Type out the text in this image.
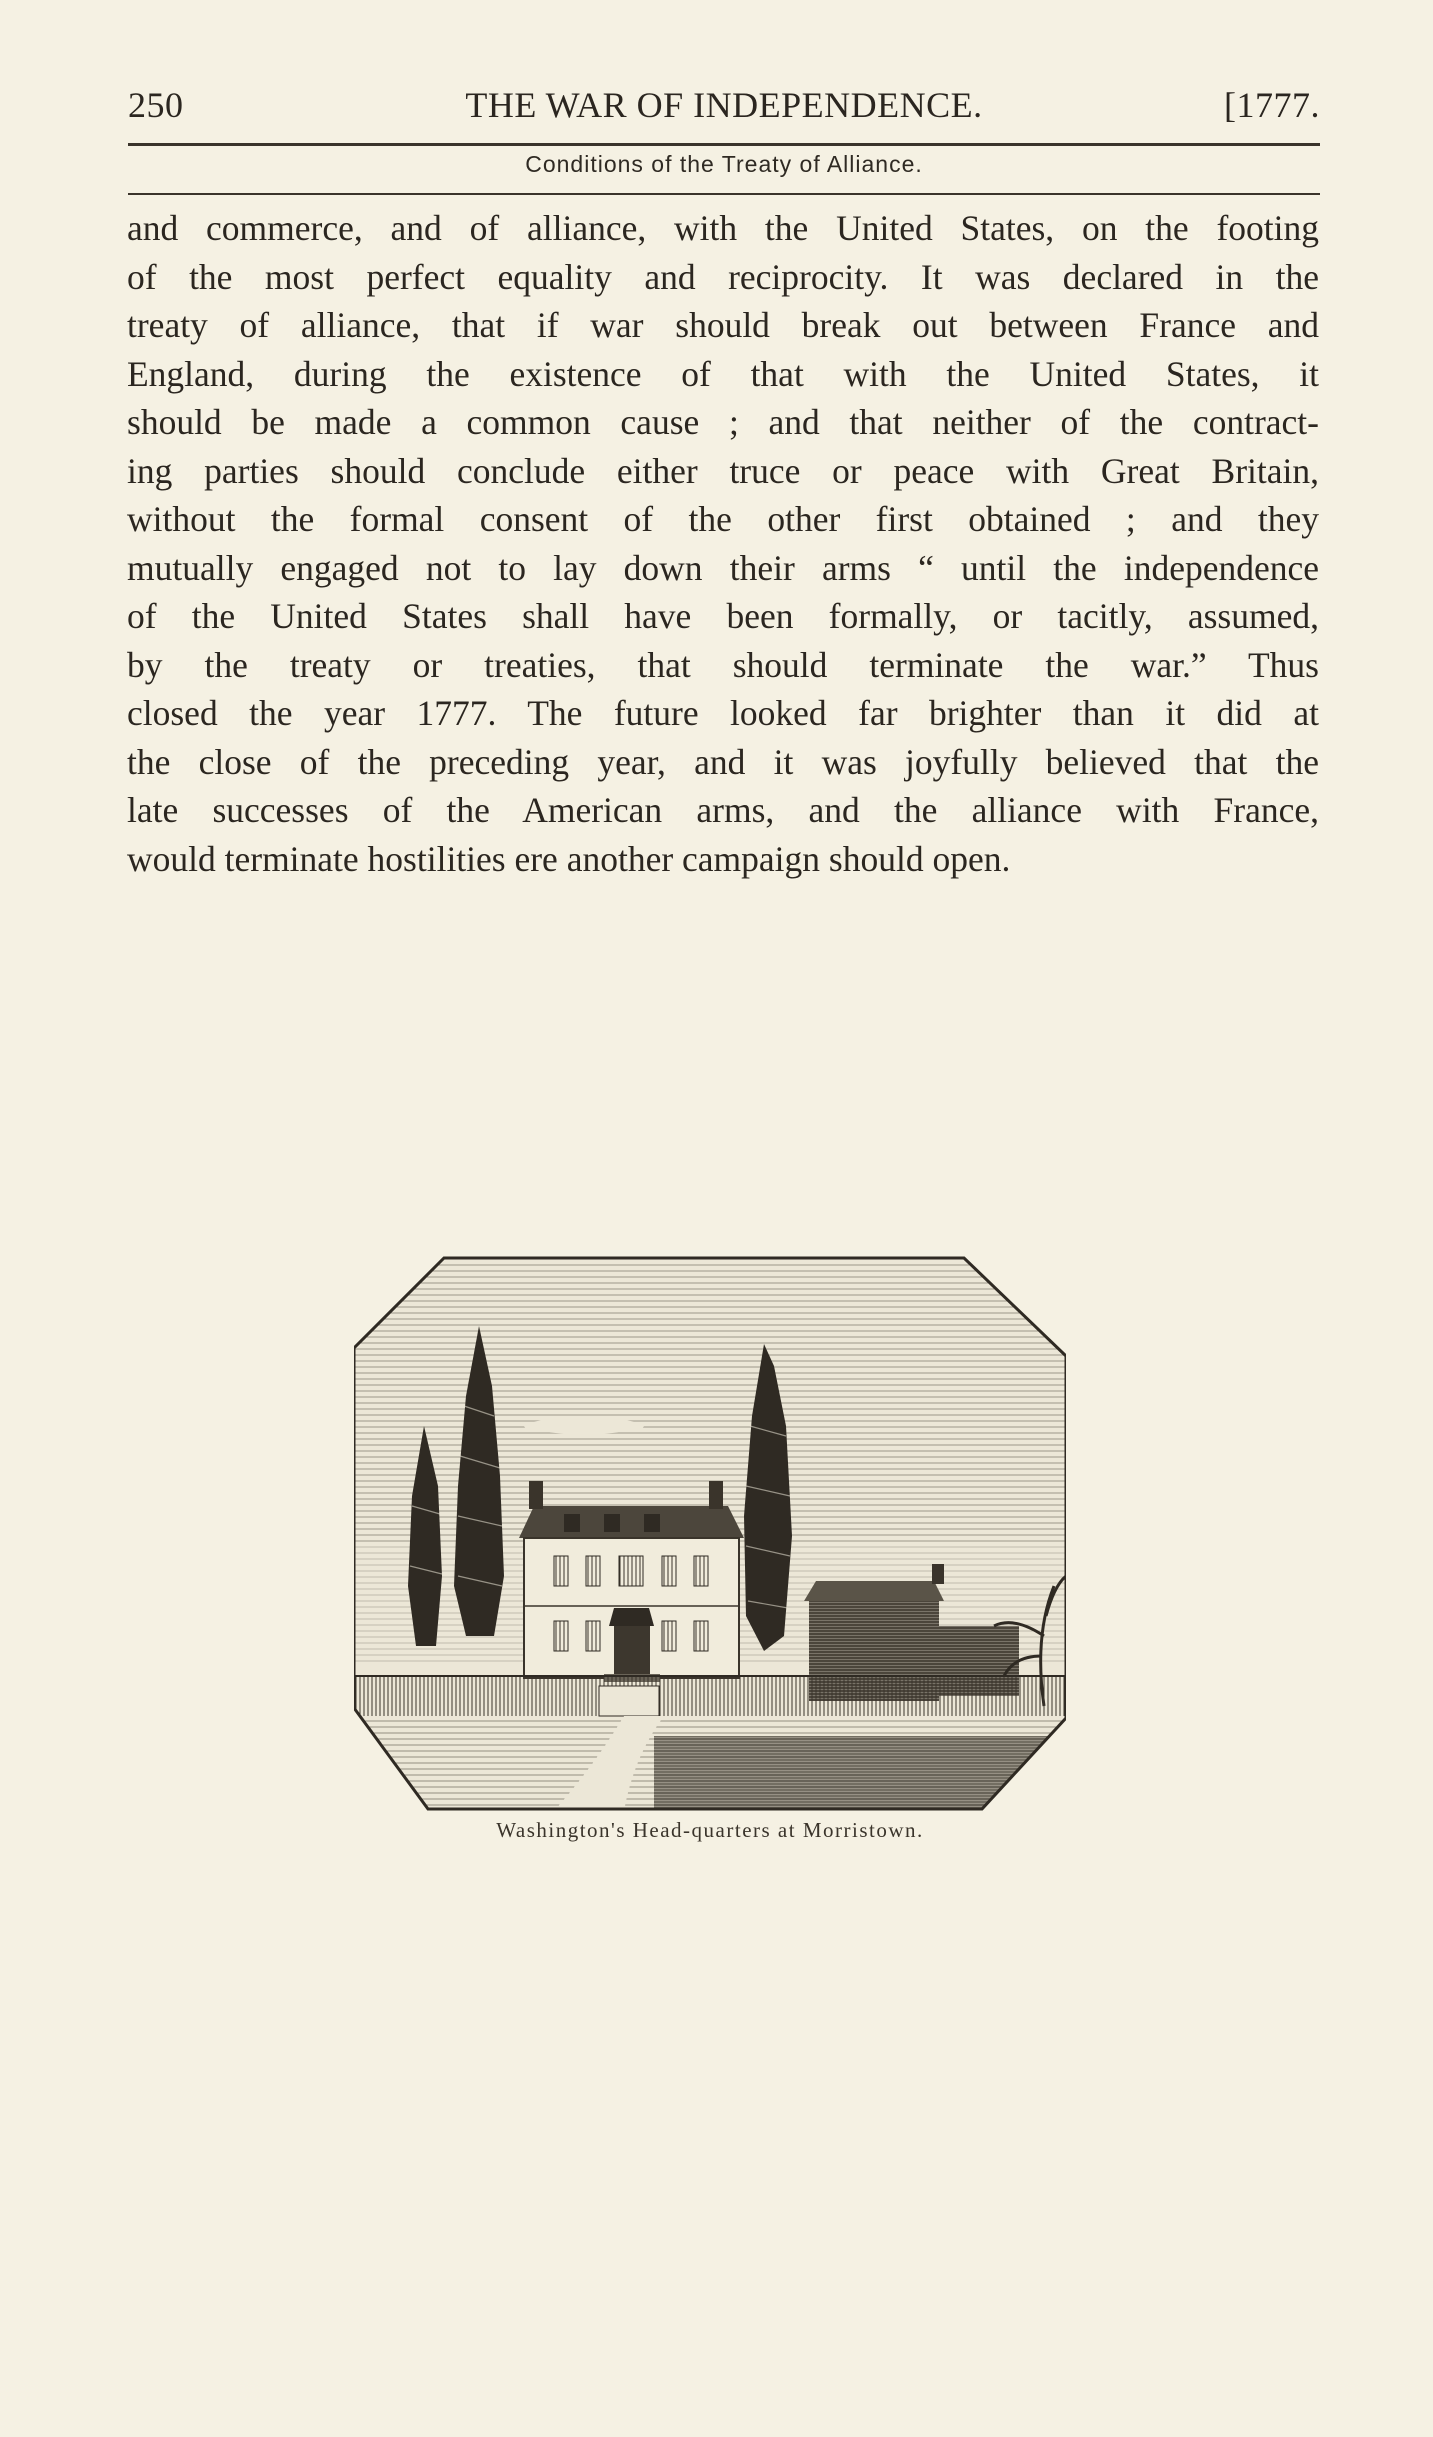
250	THE WAR OF INDEPENDENCE.	[1777.
Conditions of the Treaty of Alliance.
and commerce, and of alliance, with the United States, on the footing
of the most perfect equality and reciprocity. It was declared in the
treaty of alliance, that if war should break out between France and
England, during the existence of that with the United States, it
should be made a common cause ; and that neither of the contract-
ing parties should conclude either truce or peace with Great Britain,
without the formal consent of the other first obtained ; and they
mutually engaged not to lay down their arms “ until the independence
of the United States shall have been formally, or tacitly, assumed,
by the treaty or treaties, that should terminate the war.” Thus
closed the year 1777. The future looked far brighter than it did at
the close of the preceding year, and it was joyfully believed that the
late successes of the American arms, and the alliance with France,
would terminate hostilities ere another campaign should open.
Washington's Head-quarters at Morristown.
